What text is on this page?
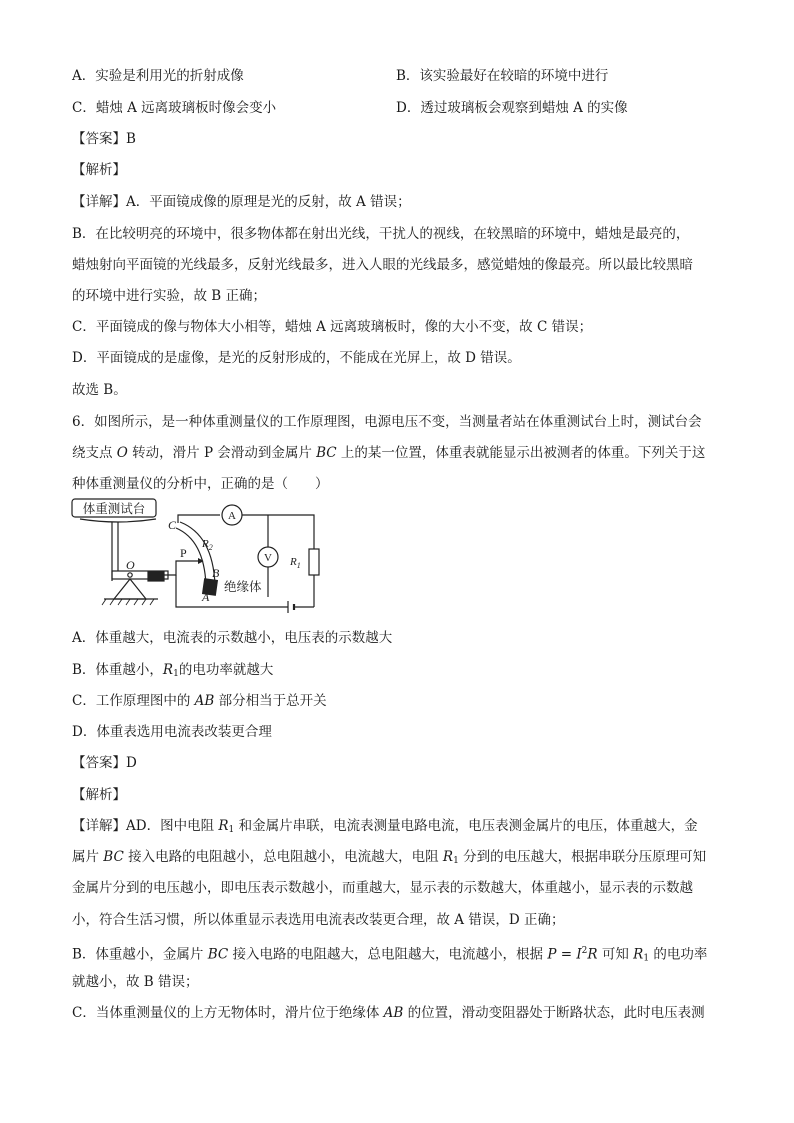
A．实验是利用光的折射成像	B．该实验最好在较暗的环境中进行
C．蜡烛 A 远离玻璃板时像会变小	D．透过玻璃板会观察到蜡烛 A 的实像
【答案】B
【解析】
【详解】A．平面镜成像的原理是光的反射，故 A 错误；
B．在比较明亮的环境中，很多物体都在射出光线，干扰人的视线，在较黑暗的环境中，蜡烛是最亮的，
蜡烛射向平面镜的光线最多，反射光线最多，进入人眼的光线最多，感觉蜡烛的像最亮。所以最比较黑暗
的环境中进行实验，故 B 正确；
C．平面镜成的像与物体大小相等，蜡烛 A 远离玻璃板时，像的大小不变，故 C 错误；
D．平面镜成的是虚像，是光的反射形成的，不能成在光屏上，故 D 错误。
故选 B。
6．如图所示，是一种体重测量仪的工作原理图，电源电压不变，当测量者站在体重测试台上时，测试台会
绕支点 O 转动，滑片 P 会滑动到金属片 BC 上的某一位置，体重表就能显示出被测者的体重。下列关于这
种体重测量仪的分析中，正确的是（　　）
体重测试台
O
P
C
$R_2$
B
A
绝缘体
A
V $R_1$
A．体重越大，电流表的示数越小，电压表的示数越大
B．体重越小，$R_1$的电功率就越大
C．工作原理图中的 AB 部分相当于总开关
D．体重表选用电流表改装更合理
【答案】D
【解析】
【详解】AD．图中电阻 $R_1$ 和金属片串联，电流表测量电路电流，电压表测金属片的电压，体重越大，金
属片 BC 接入电路的电阻越小，总电阻越小，电流越大，电阻 $R_1$ 分到的电压越大，根据串联分压原理可知
金属片分到的电压越小，即电压表示数越小，而重越大，显示表的示数越大，体重越小，显示表的示数越
小，符合生活习惯，所以体重显示表选用电流表改装更合理，故 A 错误，D 正确；
B．体重越小，金属片 BC 接入电路的电阻越大，总电阻越大，电流越小，根据 $P = I^2R$ 可知 $R_1$ 的电功率
就越小，故 B 错误；
C．当体重测量仪的上方无物体时，滑片位于绝缘体 AB 的位置，滑动变阻器处于断路状态，此时电压表测
